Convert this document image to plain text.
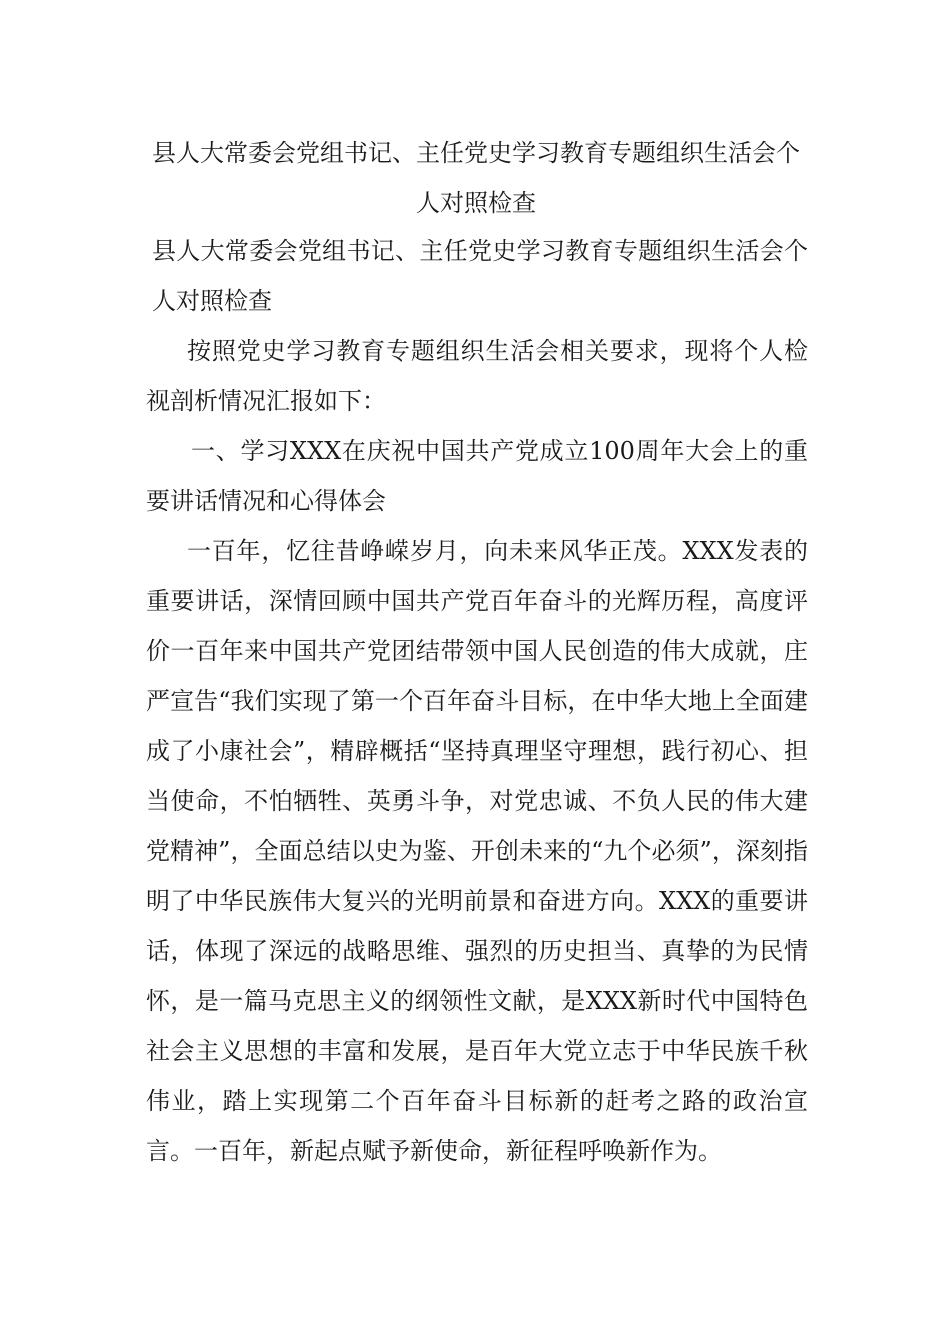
县人大常委会党组书记、主任党史学习教育专题组织生活会个人对照检查

县人大常委会党组书记、主任党史学习教育专题组织生活会个人对照检查

按照党史学习教育专题组织生活会相关要求，现将个人检视剖析情况汇报如下：

一、学习XXX在庆祝中国共产党成立100周年大会上的重要讲话情况和心得体会

一百年，忆往昔峥嵘岁月，向未来风华正茂。XXX发表的重要讲话，深情回顾中国共产党百年奋斗的光辉历程，高度评价一百年来中国共产党团结带领中国人民创造的伟大成就，庄严宣告“我们实现了第一个百年奋斗目标，在中华大地上全面建成了小康社会”，精辟概括“坚持真理坚守理想，践行初心、担当使命，不怕牺牲、英勇斗争，对党忠诚、不负人民的伟大建党精神”，全面总结以史为鉴、开创未来的“九个必须”，深刻指明了中华民族伟大复兴的光明前景和奋进方向。XXX的重要讲话，体现了深远的战略思维、强烈的历史担当、真挚的为民情怀，是一篇马克思主义的纲领性文献，是XXX新时代中国特色社会主义思想的丰富和发展，是百年大党立志于中华民族千秋伟业，踏上实现第二个百年奋斗目标新的赶考之路的政治宣言。一百年，新起点赋予新使命，新征程呼唤新作为。
